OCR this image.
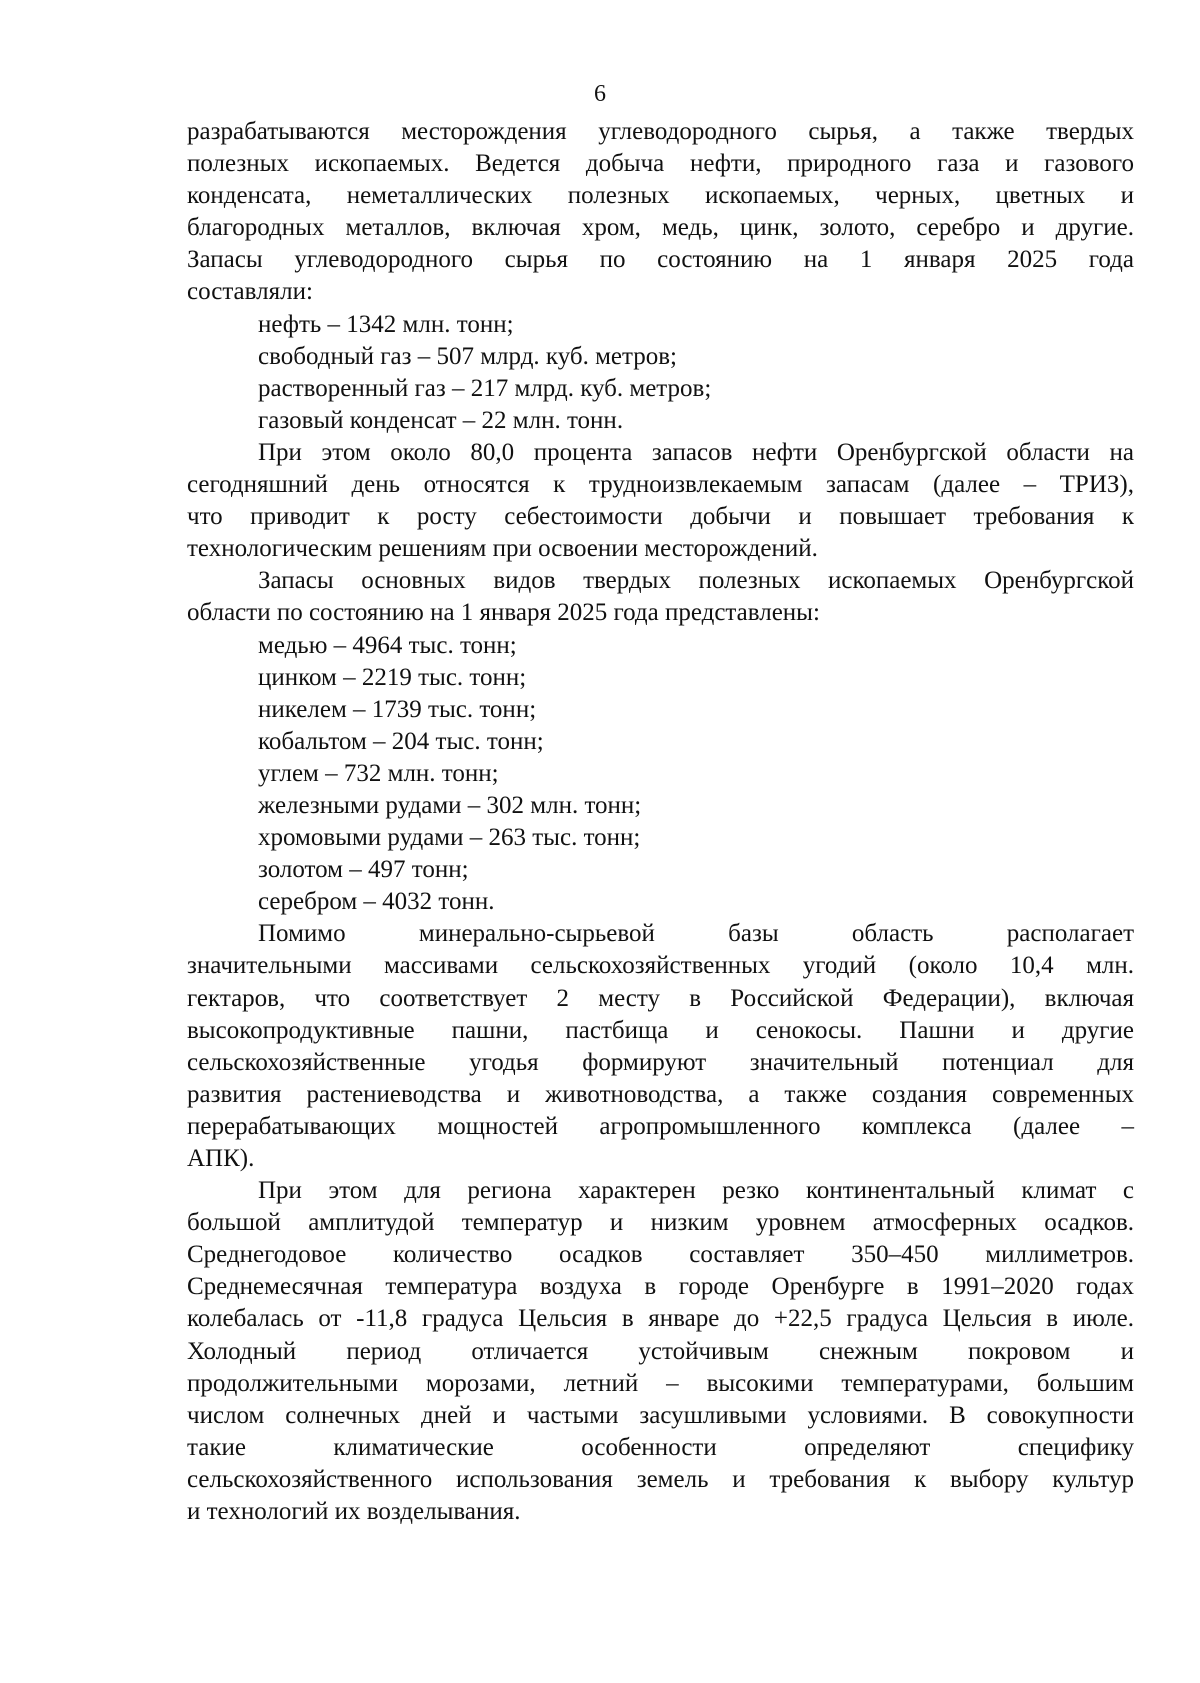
6
разрабатываются месторождения углеводородного сырья, а также твердых
полезных ископаемых. Ведется добыча нефти, природного газа и газового
конденсата, неметаллических полезных ископаемых, черных, цветных и
благородных металлов, включая хром, медь, цинк, золото, серебро и другие.
Запасы углеводородного сырья по состоянию на 1 января 2025 года
составляли:
нефть – 1342 млн. тонн;
свободный газ – 507 млрд. куб. метров;
растворенный газ – 217 млрд. куб. метров;
газовый конденсат – 22 млн. тонн.
При этом около 80,0 процента запасов нефти Оренбургской области на
сегодняшний день относятся к трудноизвлекаемым запасам (далее – ТРИЗ),
что приводит к росту себестоимости добычи и повышает требования к
технологическим решениям при освоении месторождений.
Запасы основных видов твердых полезных ископаемых Оренбургской
области по состоянию на 1 января 2025 года представлены:
медью – 4964 тыс. тонн;
цинком – 2219 тыс. тонн;
никелем – 1739 тыс. тонн;
кобальтом – 204 тыс. тонн;
углем – 732 млн. тонн;
железными рудами – 302 млн. тонн;
хромовыми рудами – 263 тыс. тонн;
золотом – 497 тонн;
серебром – 4032 тонн.
Помимо минерально-сырьевой базы область располагает
значительными массивами сельскохозяйственных угодий (около 10,4 млн.
гектаров, что соответствует 2 месту в Российской Федерации), включая
высокопродуктивные пашни, пастбища и сенокосы. Пашни и другие
сельскохозяйственные угодья формируют значительный потенциал для
развития растениеводства и животноводства, а также создания современных
перерабатывающих мощностей агропромышленного комплекса (далее –
АПК).
При этом для региона характерен резко континентальный климат с
большой амплитудой температур и низким уровнем атмосферных осадков.
Среднегодовое количество осадков составляет 350–450 миллиметров.
Среднемесячная температура воздуха в городе Оренбурге в 1991–2020 годах
колебалась от -11,8 градуса Цельсия в январе до +22,5 градуса Цельсия в июле.
Холодный период отличается устойчивым снежным покровом и
продолжительными морозами, летний – высокими температурами, большим
числом солнечных дней и частыми засушливыми условиями. В совокупности
такие климатические особенности определяют специфику
сельскохозяйственного использования земель и требования к выбору культур
и технологий их возделывания.
